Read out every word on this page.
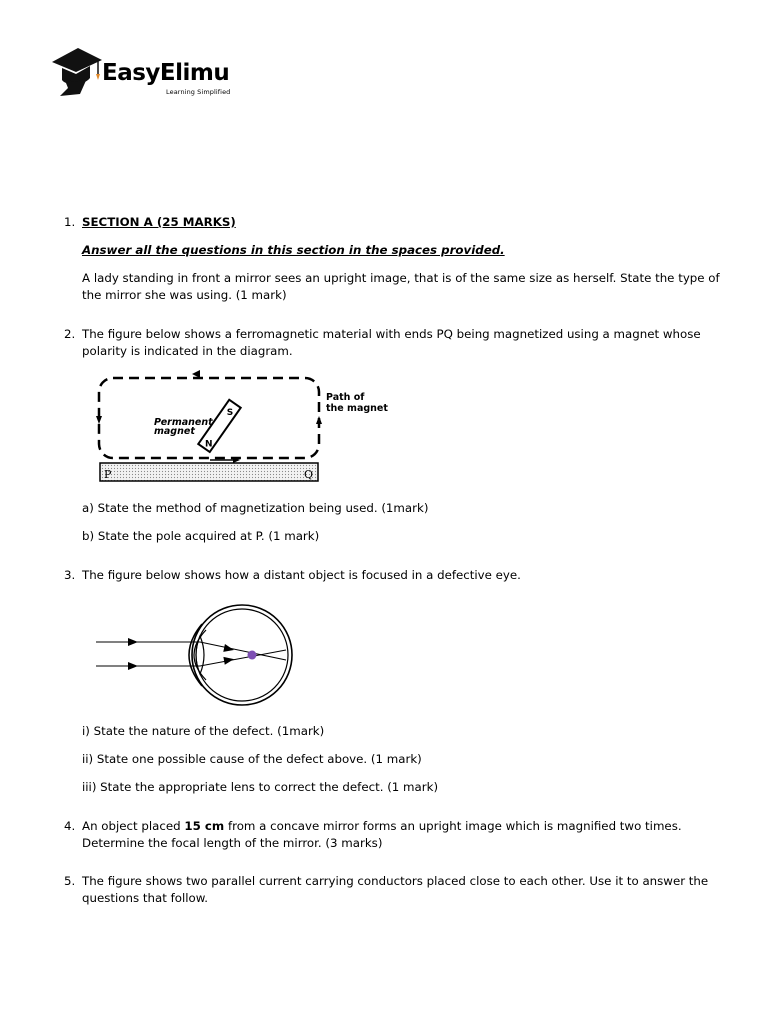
EasyElimu
Learning Simplified
1. SECTION A (25 MARKS)
Answer all the questions in this section in the spaces provided.
A lady standing in front a mirror sees an upright image, that is of the same size as herself. State the type of the mirror she was using. (1 mark)
2. The figure below shows a ferromagnetic material with ends PQ being magnetized using a magnet whose polarity is indicated in the diagram.
Path of
the magnet
Permanent
magnet
N
S
P	Q
a) State the method of magnetization being used. (1mark)
b) State the pole acquired at P. (1 mark)
3. The figure below shows how a distant object is focused in a defective eye.
i) State the nature of the defect. (1mark)
ii) State one possible cause of the defect above. (1 mark)
iii) State the appropriate lens to correct the defect. (1 mark)
4. An object placed 15 cm from a concave mirror forms an upright image which is magnified two times. Determine the focal length of the mirror. (3 marks)
5. The figure shows two parallel current carrying conductors placed close to each other. Use it to answer the questions that follow.
